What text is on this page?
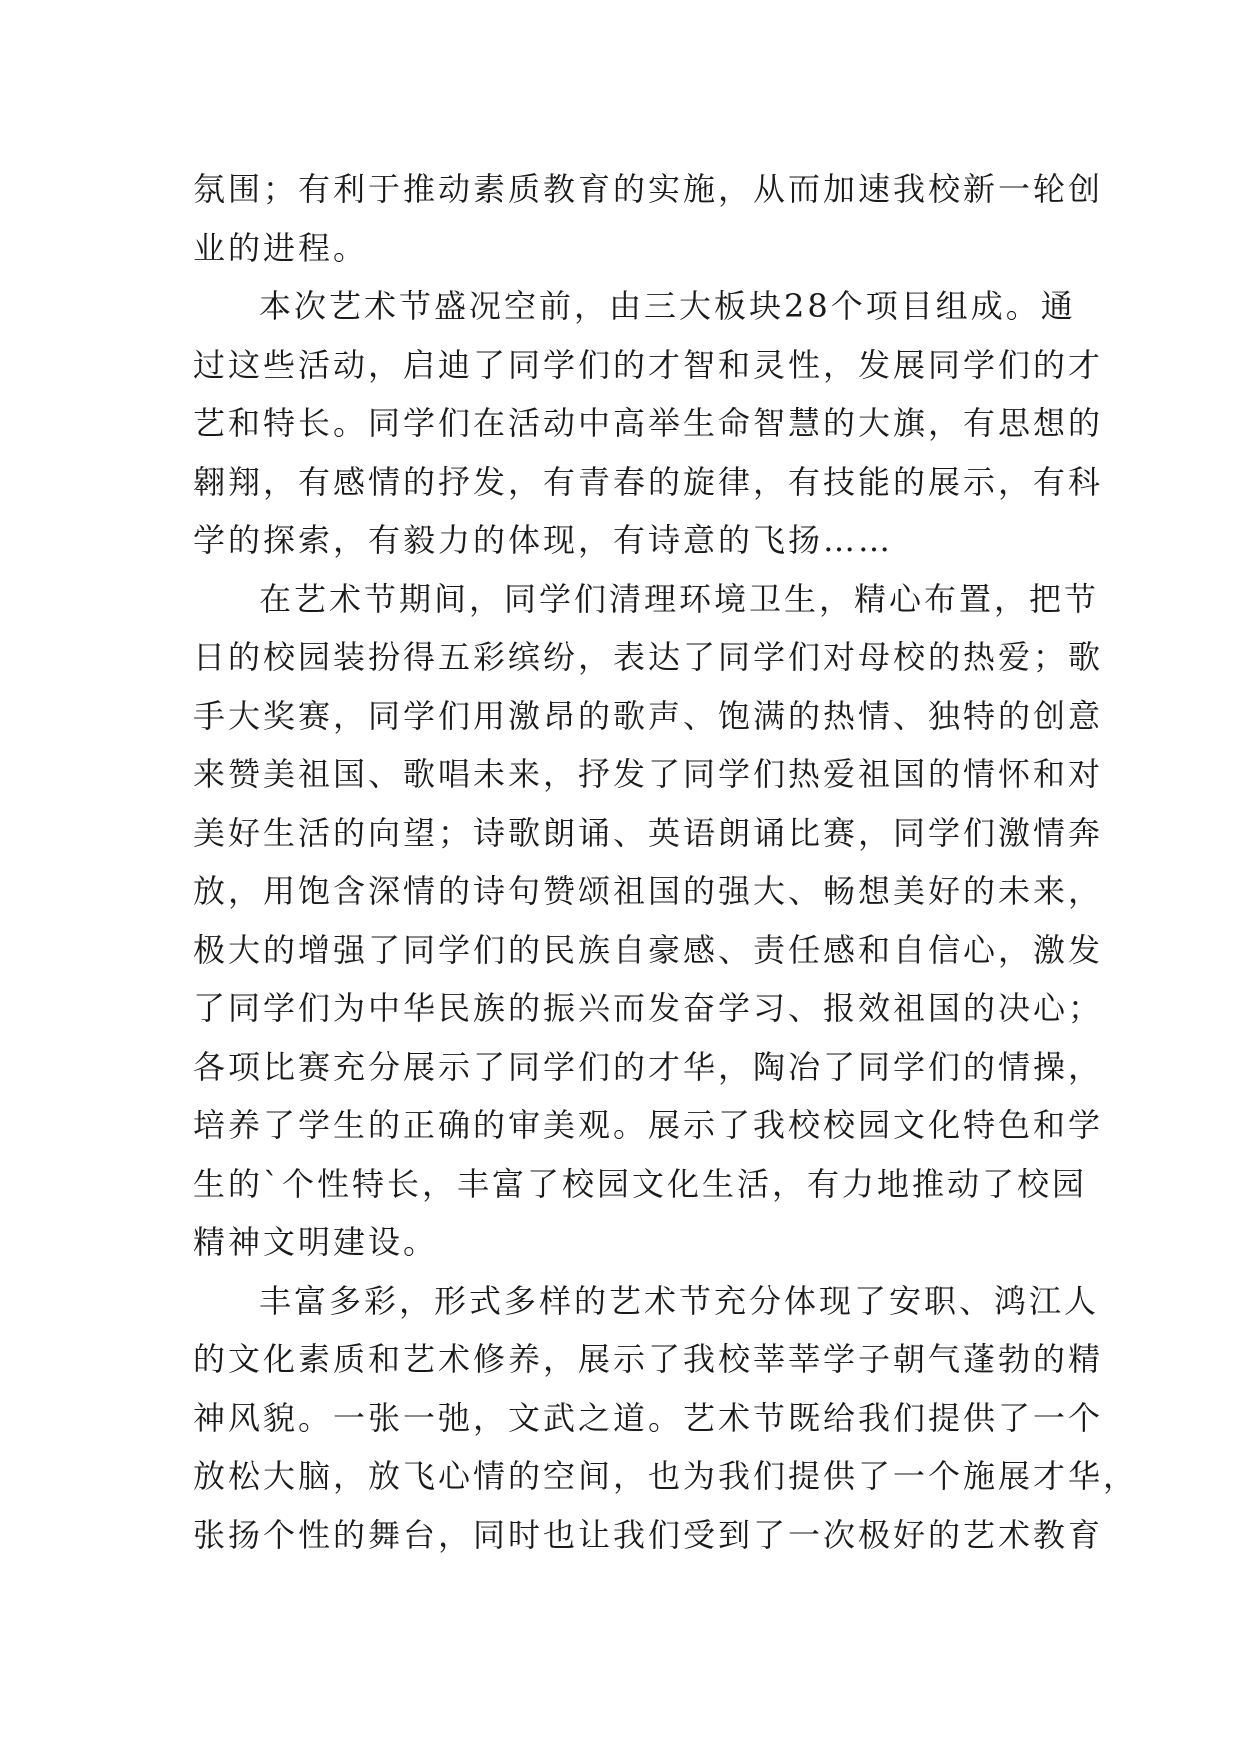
氛围；有利于推动素质教育的实施，从而加速我校新一轮创
业的进程。
本次艺术节盛况空前，由三大板块28个项目组成。通
过这些活动，启迪了同学们的才智和灵性，发展同学们的才
艺和特长。同学们在活动中高举生命智慧的大旗，有思想的
翱翔，有感情的抒发，有青春的旋律，有技能的展示，有科
学的探索，有毅力的体现，有诗意的飞扬……
在艺术节期间，同学们清理环境卫生，精心布置，把节
日的校园装扮得五彩缤纷，表达了同学们对母校的热爱；歌
手大奖赛，同学们用激昂的歌声、饱满的热情、独特的创意
来赞美祖国、歌唱未来，抒发了同学们热爱祖国的情怀和对
美好生活的向望；诗歌朗诵、英语朗诵比赛，同学们激情奔
放，用饱含深情的诗句赞颂祖国的强大、畅想美好的未来，
极大的增强了同学们的民族自豪感、责任感和自信心，激发
了同学们为中华民族的振兴而发奋学习、报效祖国的决心；
各项比赛充分展示了同学们的才华，陶冶了同学们的情操，
培养了学生的正确的审美观。展示了我校校园文化特色和学
生的`个性特长，丰富了校园文化生活，有力地推动了校园
精神文明建设。
丰富多彩，形式多样的艺术节充分体现了安职、鸿江人
的文化素质和艺术修养，展示了我校莘莘学子朝气蓬勃的精
神风貌。一张一弛，文武之道。艺术节既给我们提供了一个
放松大脑，放飞心情的空间，也为我们提供了一个施展才华，
张扬个性的舞台，同时也让我们受到了一次极好的艺术教育
